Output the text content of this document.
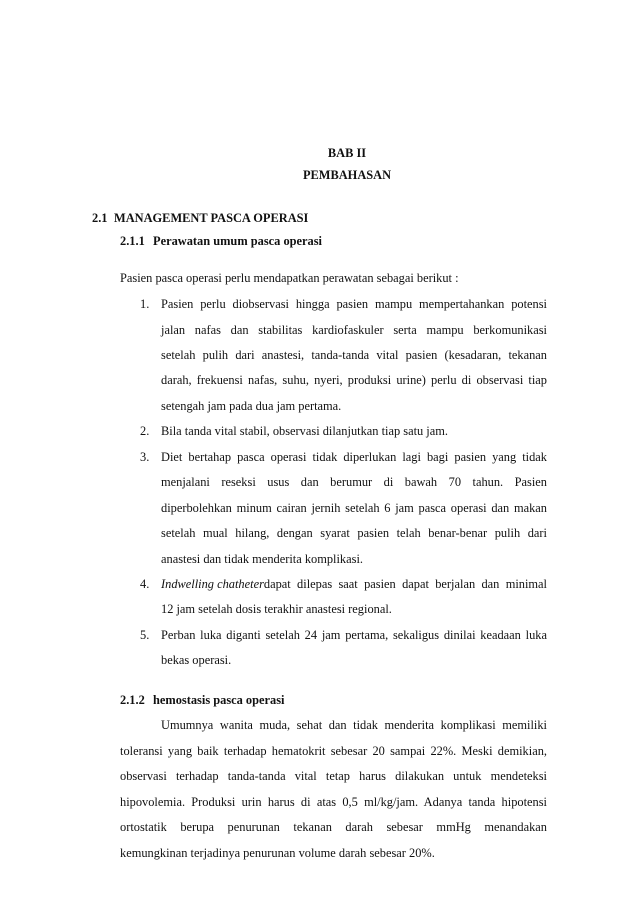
BAB II
PEMBAHASAN
2.1 MANAGEMENT PASCA OPERASI
2.1.1 Perawatan umum pasca operasi
Pasien pasca operasi perlu mendapatkan perawatan sebagai berikut :
1. Pasien perlu diobservasi hingga pasien mampu mempertahankan potensi
jalan nafas dan stabilitas kardiofaskuler serta mampu berkomunikasi
setelah pulih dari anastesi, tanda-tanda vital pasien (kesadaran, tekanan
darah, frekuensi nafas, suhu, nyeri, produksi urine) perlu di observasi tiap
setengah jam pada dua jam pertama.
2. Bila tanda vital stabil, observasi dilanjutkan tiap satu jam.
3. Diet bertahap pasca operasi tidak diperlukan lagi bagi pasien yang tidak
menjalani reseksi usus dan berumur di bawah 70 tahun. Pasien
diperbolehkan minum cairan jernih setelah 6 jam pasca operasi dan makan
setelah mual hilang, dengan syarat pasien telah benar-benar pulih dari
anastesi dan tidak menderita komplikasi.
4. Indwelling chatheter dapat dilepas saat pasien dapat berjalan dan minimal
12 jam setelah dosis terakhir anastesi regional.
5. Perban luka diganti setelah 24 jam pertama, sekaligus dinilai keadaan luka
bekas operasi.
2.1.2 hemostasis pasca operasi
Umumnya wanita muda, sehat dan tidak menderita komplikasi memiliki
toleransi yang baik terhadap hematokrit sebesar 20 sampai 22%. Meski demikian,
observasi terhadap tanda-tanda vital tetap harus dilakukan untuk mendeteksi
hipovolemia. Produksi urin harus di atas 0,5 ml/kg/jam. Adanya tanda hipotensi
ortostatik berupa penurunan tekanan darah sebesar mmHg menandakan
kemungkinan terjadinya penurunan volume darah sebesar 20%.
